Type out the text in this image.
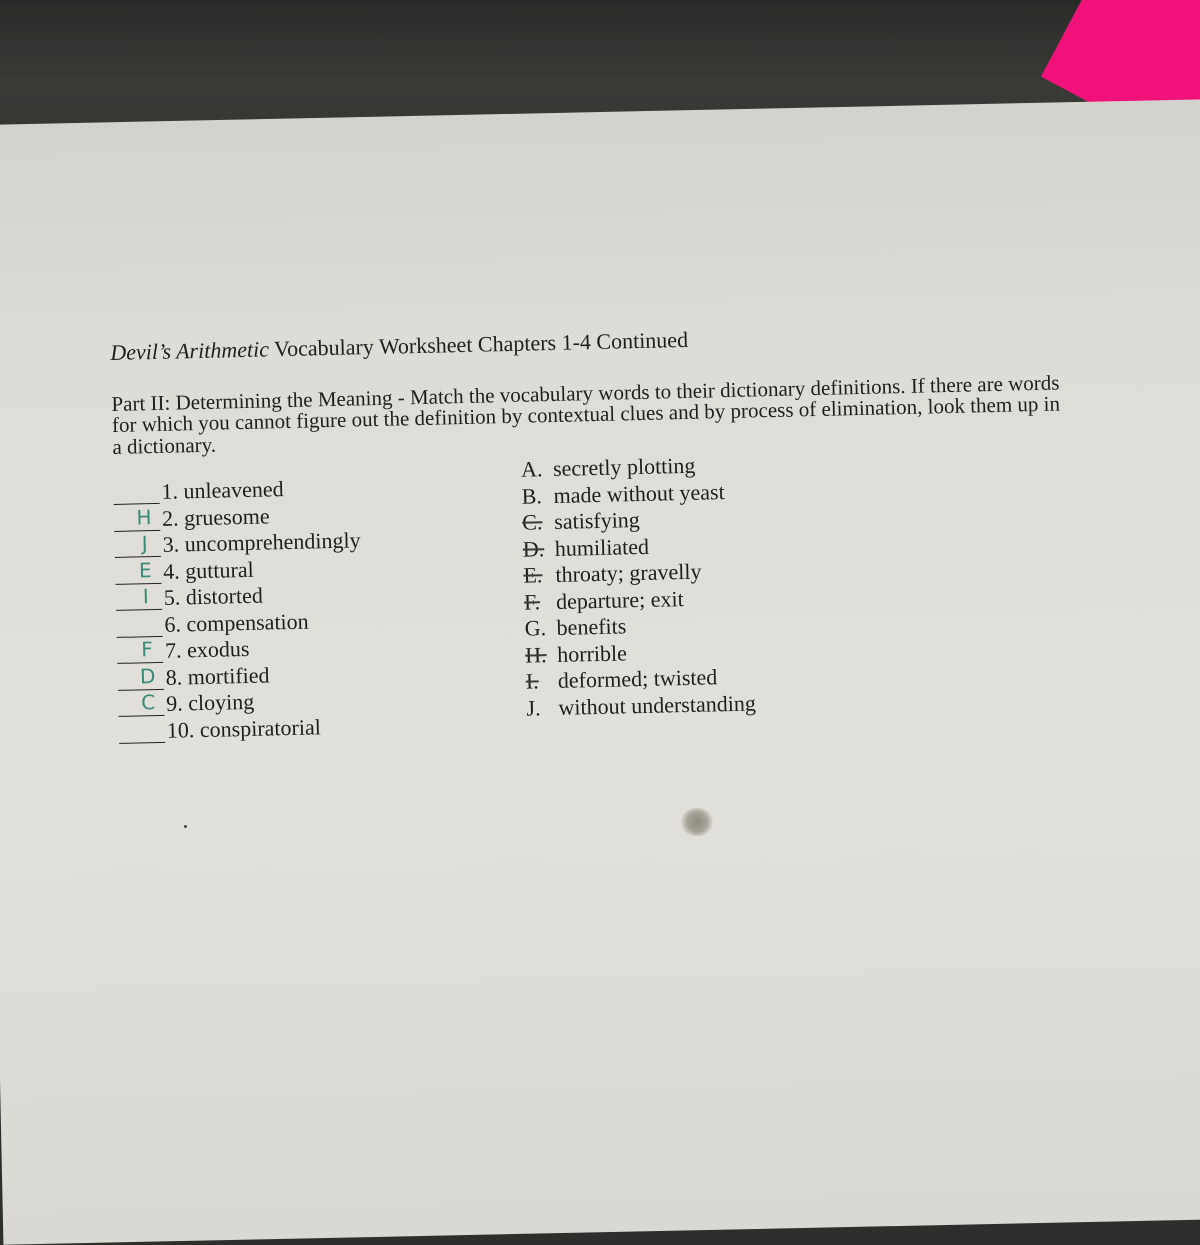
Devil’s Arithmetic Vocabulary Worksheet Chapters 1-4 Continued
Part II: Determining the Meaning - Match the vocabulary words to their dictionary definitions. If there are words for which you cannot figure out the definition by contextual clues and by process of elimination, look them up in a dictionary.
1. unleavened
H 2. gruesome
J 3. uncomprehendingly
E 4. guttural
I 5. distorted
6. compensation
F 7. exodus
D 8. mortified
C 9. cloying
10. conspiratorial
A. secretly plotting
B. made without yeast
C. satisfying
D. humiliated
E. throaty; gravelly
F. departure; exit
G. benefits
H. horrible
I. deformed; twisted
J. without understanding
